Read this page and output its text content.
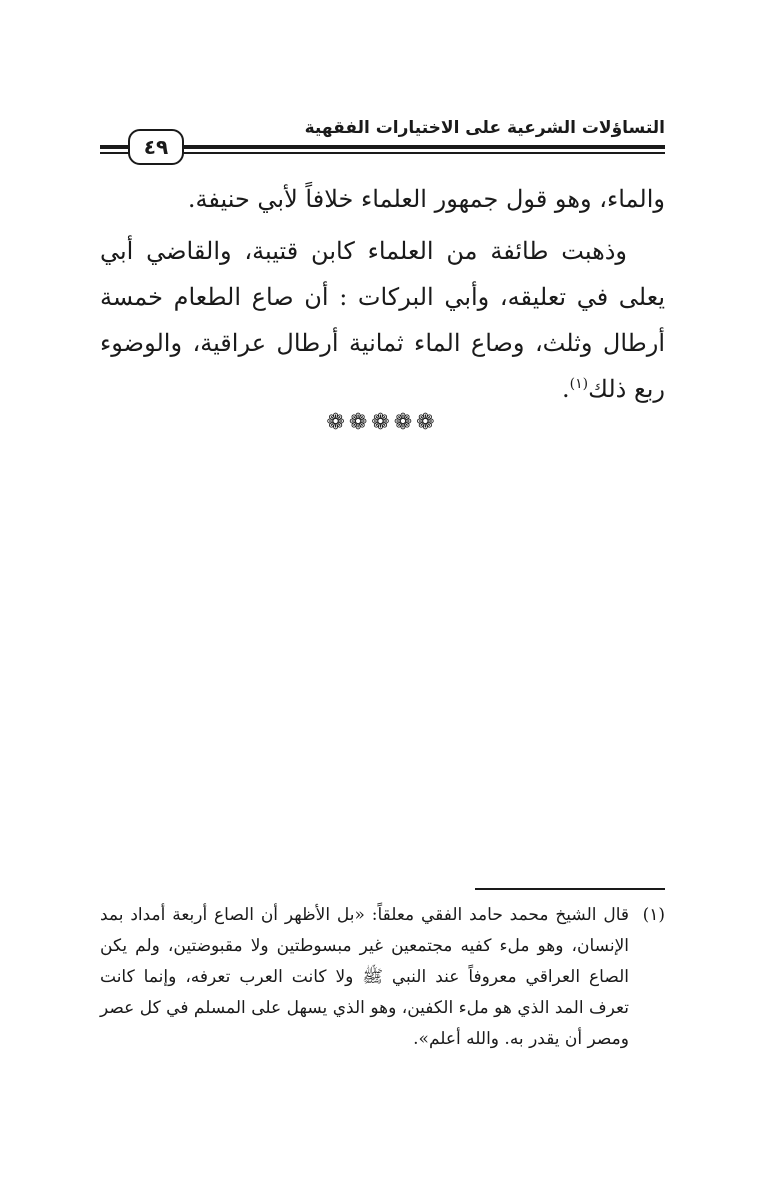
التساؤلات الشرعية على الاختيارات الفقهية
٤٩

والماء، وهو قول جمهور العلماء خلافاً لأبي حنيفة.

وذهبت طائفة من العلماء كابن قتيبة، والقاضي أبي يعلى في تعليقه، وأبي البركات : أن صاع الطعام خمسة أرطال وثلث، وصاع الماء ثمانية أرطال عراقية، والوضوء ربع ذلك$^{(١)}$.

❁❁❁❁❁
(١)
قال الشيخ محمد حامد الفقي معلقاً: «بل الأظهر أن الصاع أربعة أمداد بمد الإنسان، وهو ملء كفيه مجتمعين غير مبسوطتين ولا مقبوضتين، ولم يكن الصاع العراقي معروفاً عند النبي ﷺ ولا كانت العرب تعرفه، وإنما كانت تعرف المد الذي هو ملء الكفين، وهو الذي يسهل على المسلم في كل عصر ومصر أن يقدر به. والله أعلم».
